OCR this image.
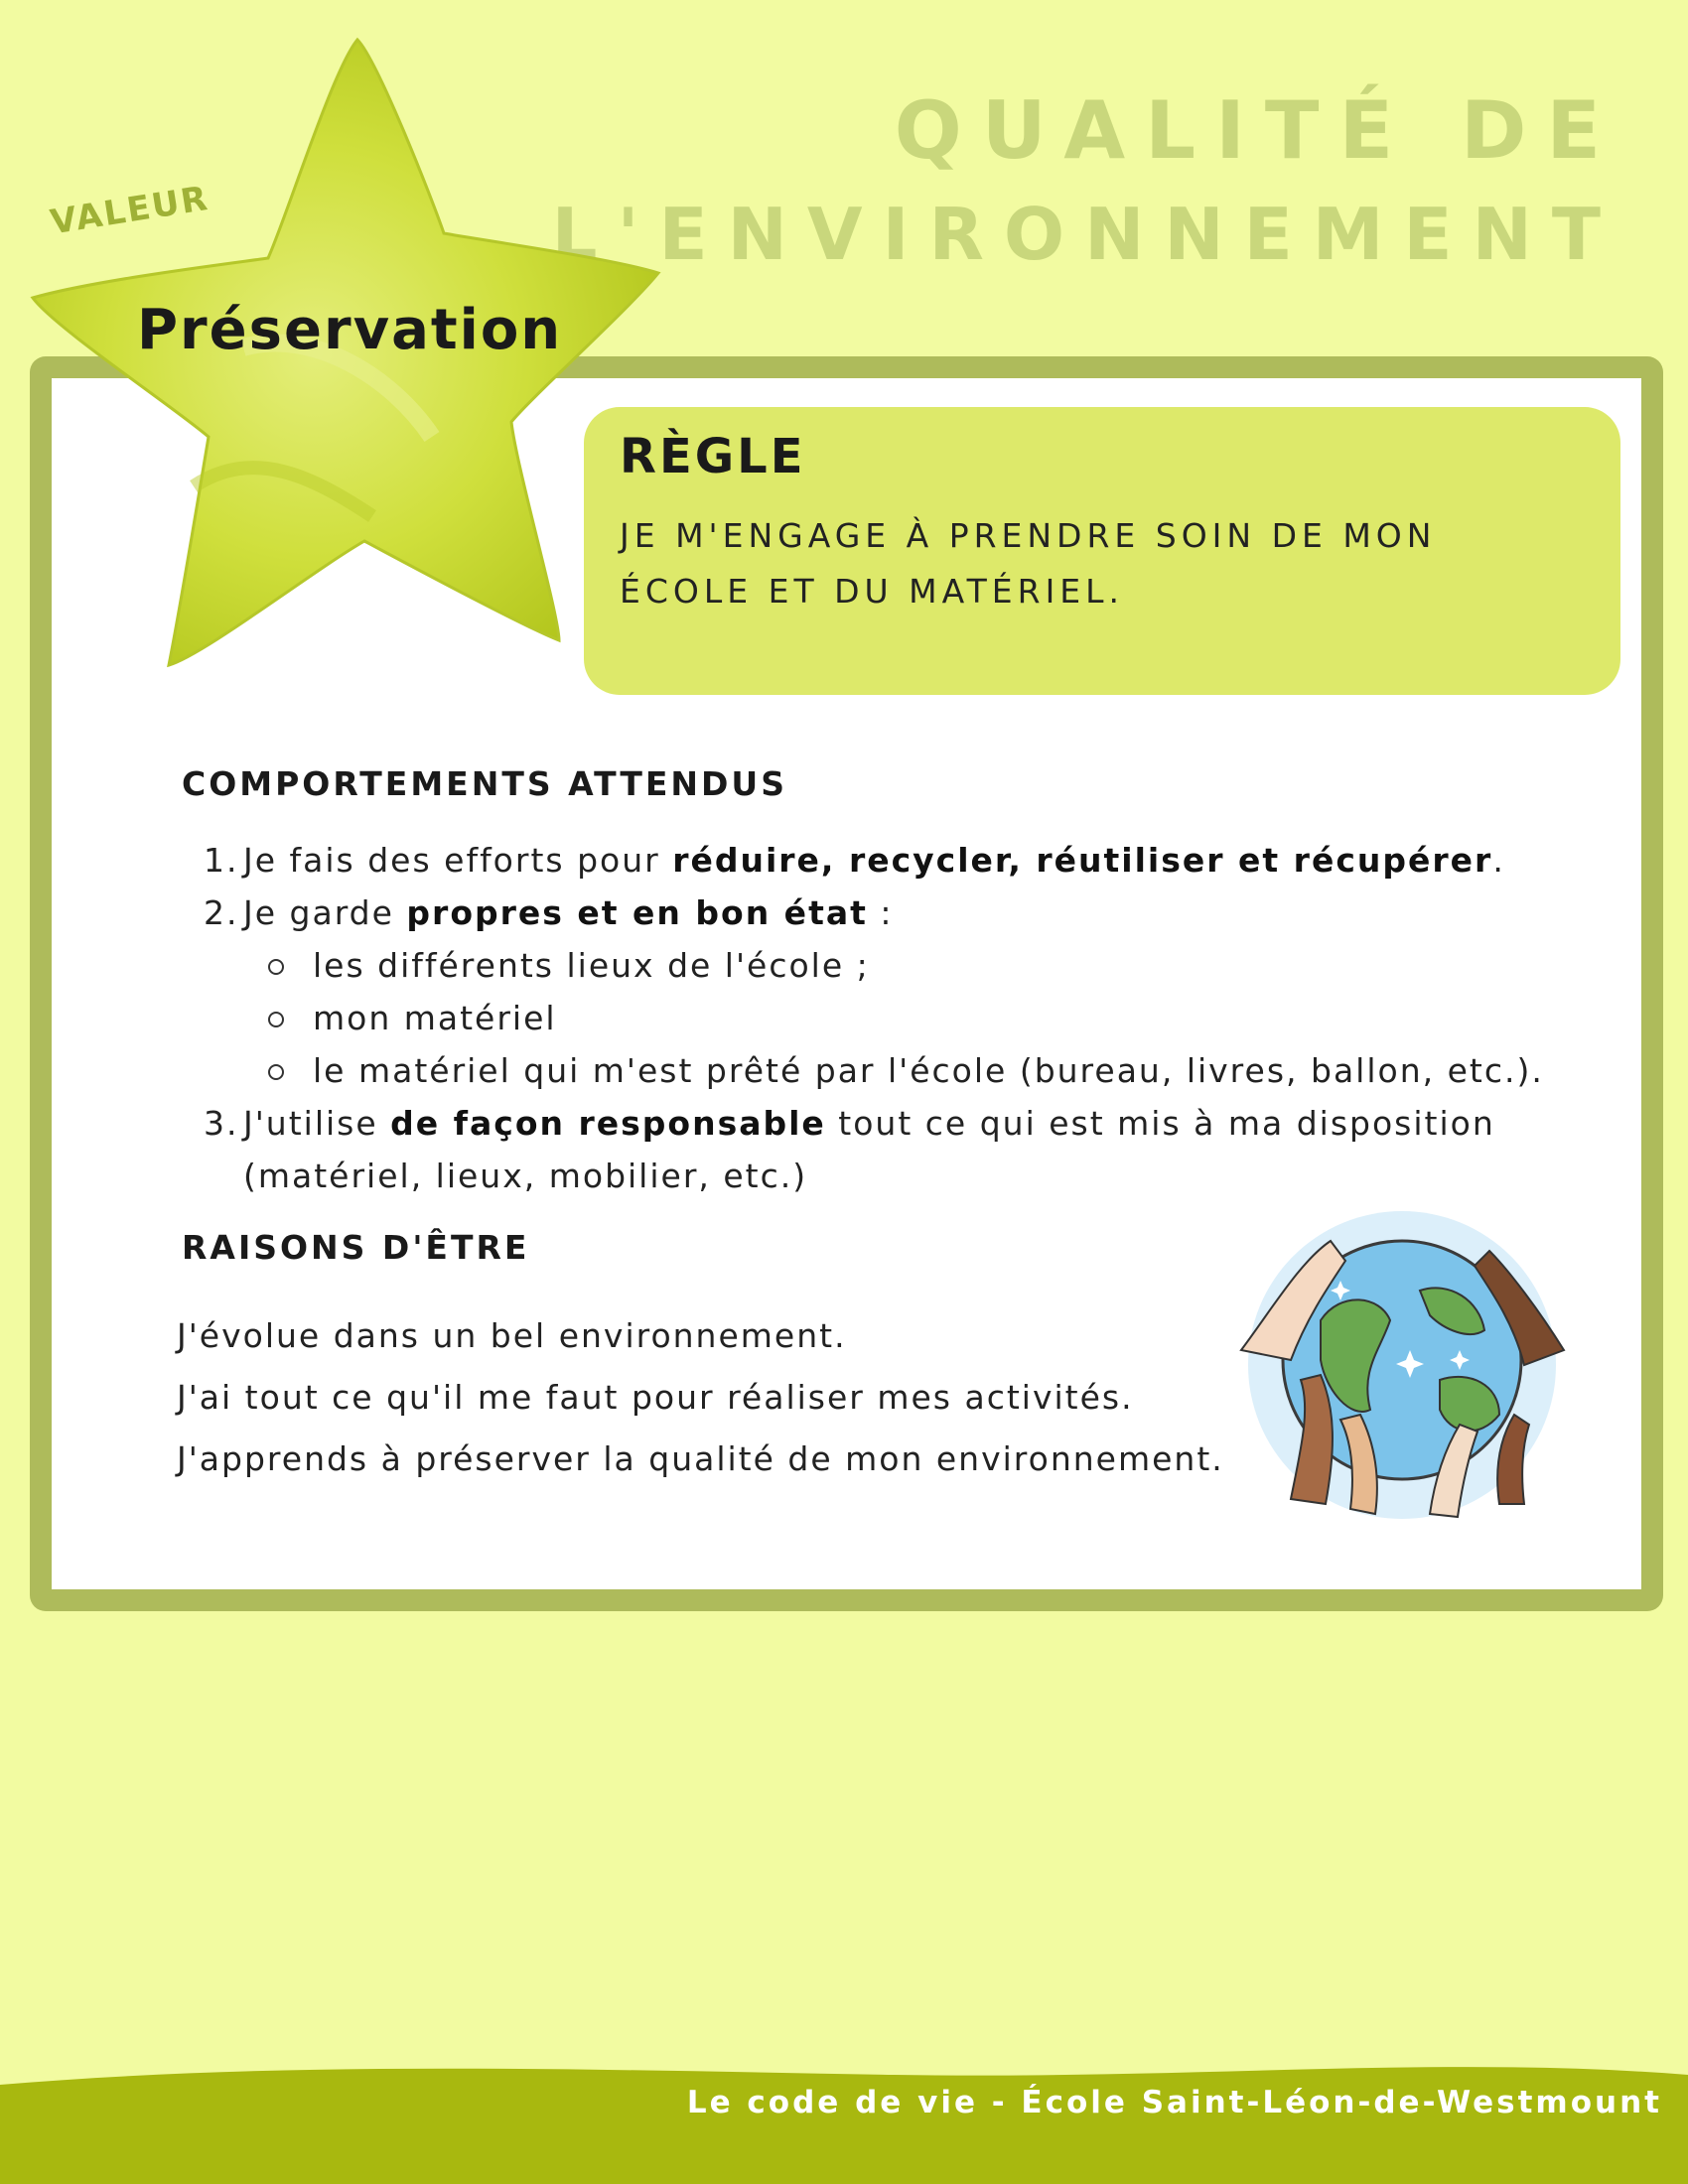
QUALITÉ DE
L'ENVIRONNEMENT
VALEUR
Préservation
RÈGLE
JE M'ENGAGE À PRENDRE SOIN DE MON ÉCOLE ET DU MATÉRIEL.
COMPORTEMENTS ATTENDUS
1. Je fais des efforts pour réduire, recycler, réutiliser et récupérer.
2. Je garde propres et en bon état :
les différents lieux de l'école ;
mon matériel
le matériel qui m'est prêté par l'école (bureau, livres, ballon, etc.).
3. J'utilise de façon responsable tout ce qui est mis à ma disposition (matériel, lieux, mobilier, etc.)
RAISONS D'ÊTRE
J'évolue dans un bel environnement.
J'ai tout ce qu'il me faut pour réaliser mes activités.
J'apprends à préserver la qualité de mon environnement.
Le code de vie - École Saint-Léon-de-Westmount
